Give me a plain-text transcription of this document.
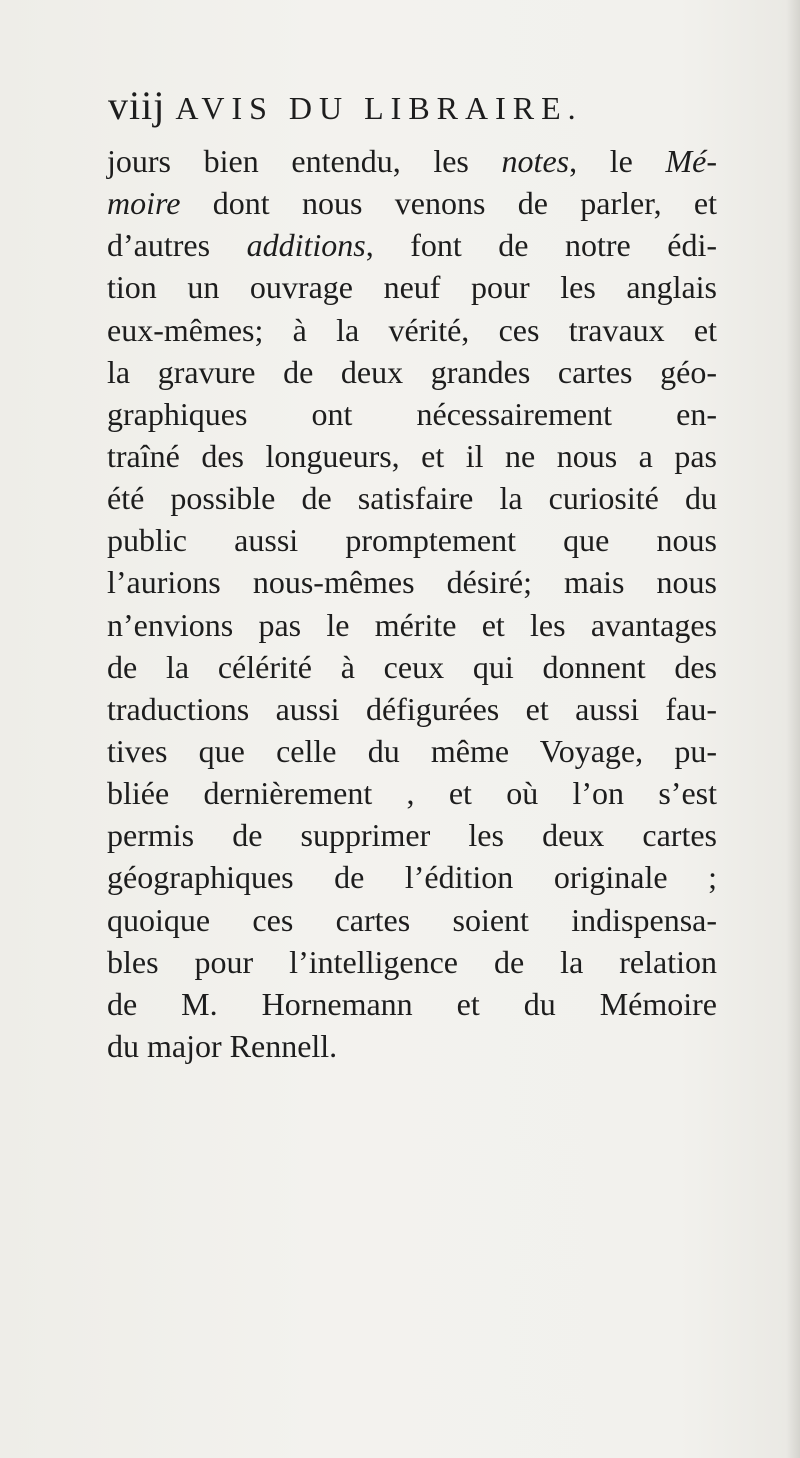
viij AVIS DU LIBRAIRE.
jours bien entendu, les notes, le Mé-
moire dont nous venons de parler, et
d’autres additions, font de notre édi-
tion un ouvrage neuf pour les anglais
eux-mêmes; à la vérité, ces travaux et
la gravure de deux grandes cartes géo-
graphiques ont nécessairement en-
traîné des longueurs, et il ne nous a pas
été possible de satisfaire la curiosité du
public aussi promptement que nous
l’aurions nous-mêmes désiré; mais nous
n’envions pas le mérite et les avantages
de la célérité à ceux qui donnent des
traductions aussi défigurées et aussi fau-
tives que celle du même Voyage, pu-
bliée dernièrement , et où l’on s’est
permis de supprimer les deux cartes
géographiques de l’édition originale ;
quoique ces cartes soient indispensa-
bles pour l’intelligence de la relation
de M. Hornemann et du Mémoire
du major Rennell.
